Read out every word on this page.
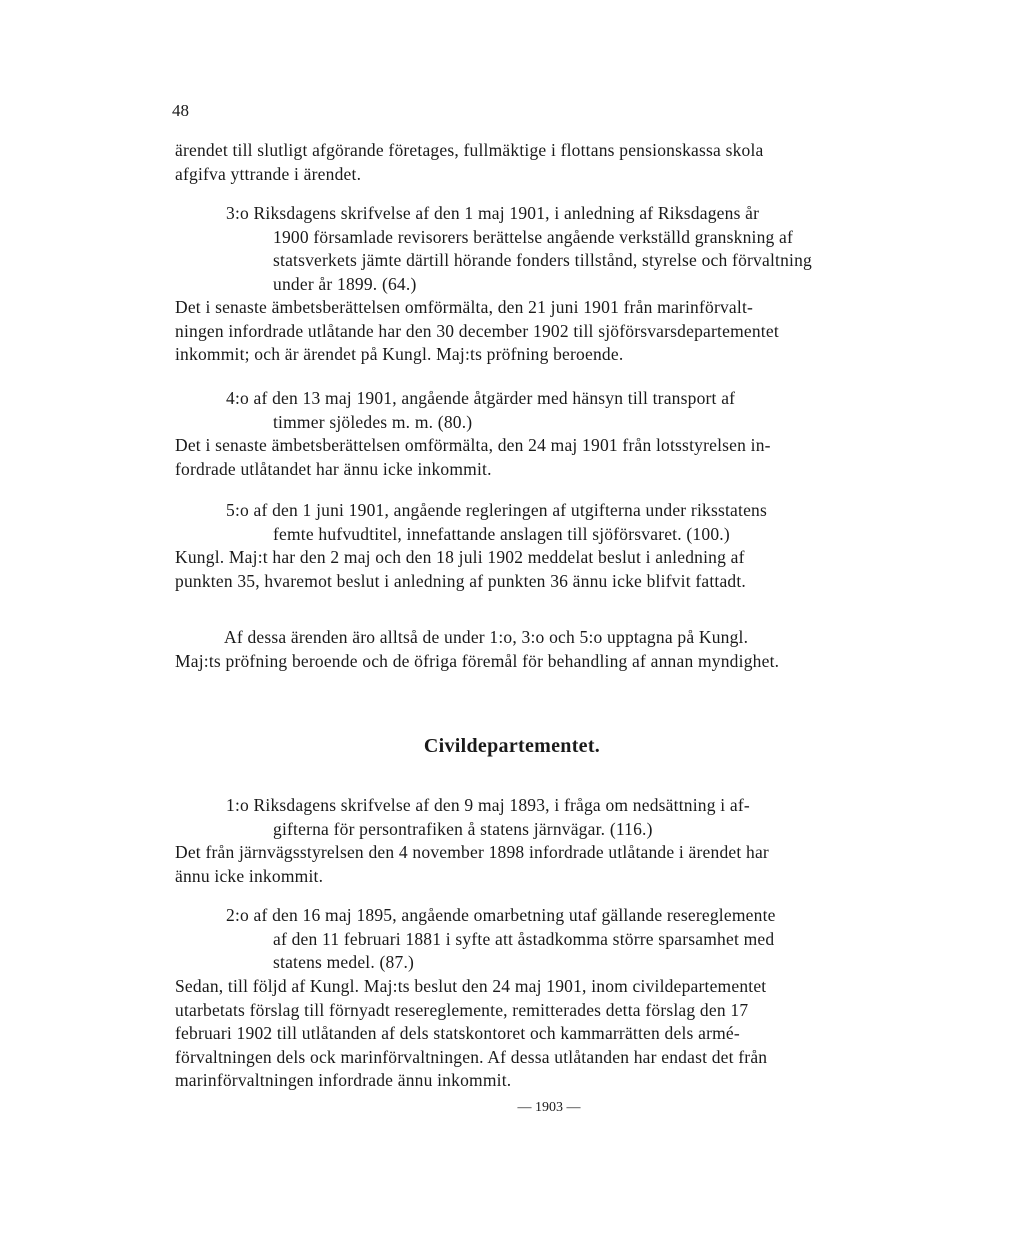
48
ärendet till slutligt afgörande företages, fullmäktige i flottans pensionskassa skola
afgifva yttrande i ärendet.
3:o Riksdagens skrifvelse af den 1 maj 1901, i anledning af Riksdagens år
1900 församlade revisorers berättelse angående verkställd granskning af
statsverkets jämte därtill hörande fonders tillstånd, styrelse och förvaltning
under år 1899. (64.)
Det i senaste ämbetsberättelsen omförmälta, den 21 juni 1901 från marinförvalt-
ningen infordrade utlåtande har den 30 december 1902 till sjöförsvarsdepartementet
inkommit; och är ärendet på Kungl. Maj:ts pröfning beroende.
4:o af den 13 maj 1901, angående åtgärder med hänsyn till transport af
timmer sjöledes m. m. (80.)
Det i senaste ämbetsberättelsen omförmälta, den 24 maj 1901 från lotsstyrelsen in-
fordrade utlåtandet har ännu icke inkommit.
5:o af den 1 juni 1901, angående regleringen af utgifterna under riksstatens
femte hufvudtitel, innefattande anslagen till sjöförsvaret. (100.)
Kungl. Maj:t har den 2 maj och den 18 juli 1902 meddelat beslut i anledning af
punkten 35, hvaremot beslut i anledning af punkten 36 ännu icke blifvit fattadt.
Af dessa ärenden äro alltså de under 1:o, 3:o och 5:o upptagna på Kungl.
Maj:ts pröfning beroende och de öfriga föremål för behandling af annan myndighet.
Civildepartementet.
1:o Riksdagens skrifvelse af den 9 maj 1893, i fråga om nedsättning i af-
gifterna för persontrafiken å statens järnvägar. (116.)
Det från järnvägsstyrelsen den 4 november 1898 infordrade utlåtande i ärendet har
ännu icke inkommit.
2:o af den 16 maj 1895, angående omarbetning utaf gällande resereglemente
af den 11 februari 1881 i syfte att åstadkomma större sparsamhet med
statens medel. (87.)
Sedan, till följd af Kungl. Maj:ts beslut den 24 maj 1901, inom civildepartementet
utarbetats förslag till förnyadt resereglemente, remitterades detta förslag den 17
februari 1902 till utlåtanden af dels statskontoret och kammarrätten dels armé-
förvaltningen dels ock marinförvaltningen. Af dessa utlåtanden har endast det från
marinförvaltningen infordrade ännu inkommit.
— 1903 —
